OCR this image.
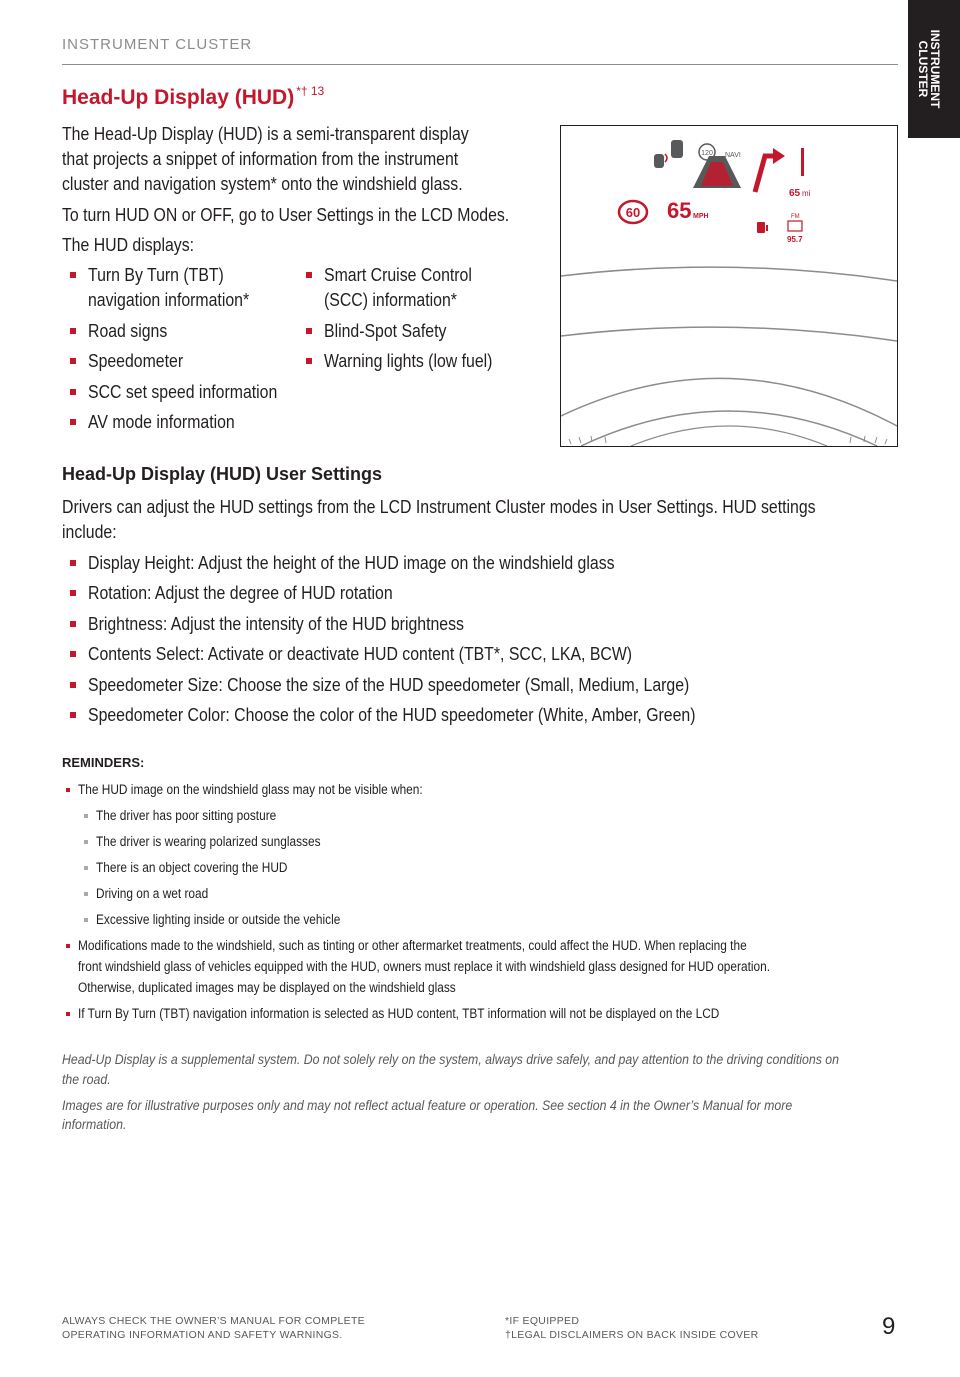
INSTRUMENT CLUSTER	INSTRUMENT
CLUSTER
Head-Up Display (HUD) $^{*\dagger 13}$
The Head-Up Display (HUD) is a semi-transparent display
that projects a snippet of information from the instrument
cluster and navigation system* onto the windshield glass.
To turn HUD ON or OFF, go to User Settings in the LCD Modes.
The HUD displays:
Turn By Turn (TBT)
navigation information*
Road signs
Speedometer
SCC set speed information
AV mode information
Smart Cruise Control
(SCC) information*
Blind-Spot Safety
Warning lights (low fuel)
120 NAVI
65 mi
60 65 MPH	FM
95.7
Head-Up Display (HUD) User Settings
Drivers can adjust the HUD settings from the LCD Instrument Cluster modes in User Settings. HUD settings
include:
Display Height: Adjust the height of the HUD image on the windshield glass
Rotation: Adjust the degree of HUD rotation
Brightness: Adjust the intensity of the HUD brightness
Contents Select: Activate or deactivate HUD content (TBT*, SCC, LKA, BCW)
Speedometer Size: Choose the size of the HUD speedometer (Small, Medium, Large)
Speedometer Color: Choose the color of the HUD speedometer (White, Amber, Green)
REMINDERS:
The HUD image on the windshield glass may not be visible when:
The driver has poor sitting posture
The driver is wearing polarized sunglasses
There is an object covering the HUD
Driving on a wet road
Excessive lighting inside or outside the vehicle
Modifications made to the windshield, such as tinting or other aftermarket treatments, could affect the HUD. When replacing the
front windshield glass of vehicles equipped with the HUD, owners must replace it with windshield glass designed for HUD operation.
Otherwise, duplicated images may be displayed on the windshield glass
If Turn By Turn (TBT) navigation information is selected as HUD content, TBT information will not be displayed on the LCD
Head-Up Display is a supplemental system. Do not solely rely on the system, always drive safely, and pay attention to the driving conditions on
the road.
Images are for illustrative purposes only and may not reflect actual feature or operation. See section 4 in the Owner’s Manual for more
information.
ALWAYS CHECK THE OWNER’S MANUAL FOR COMPLETE
OPERATING INFORMATION AND SAFETY WARNINGS.
*IF EQUIPPED
†LEGAL DISCLAIMERS ON BACK INSIDE COVER	9
